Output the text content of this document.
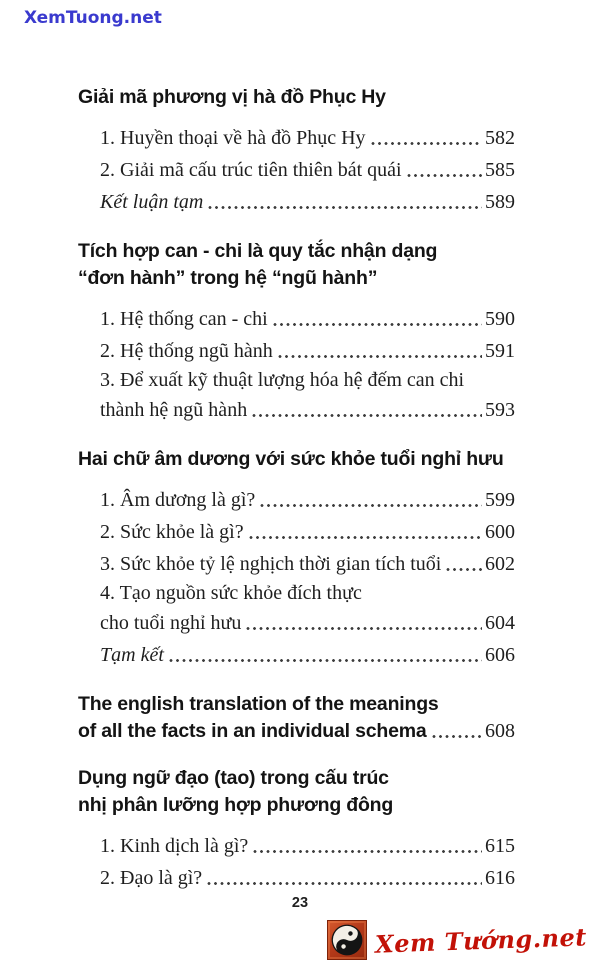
XemTuong.net
Giải mã phương vị hà đồ Phục Hy
1. Huyền thoại về hà đồ Phục Hy	582
2. Giải mã cấu trúc tiên thiên bát quái	585
Kết luận tạm	589
Tích hợp can - chi là quy tắc nhận dạng
“đơn hành” trong hệ “ngũ hành”
1. Hệ thống can - chi	590
2. Hệ thống ngũ hành	591
3. Để xuất kỹ thuật lượng hóa hệ đếm can chi
thành hệ ngũ hành	593
Hai chữ âm dương với sức khỏe tuổi nghỉ hưu
1. Âm dương là gì?	599
2. Sức khỏe là gì?	600
3. Sức khỏe tỷ lệ nghịch thời gian tích tuổi 602
4. Tạo nguồn sức khỏe đích thực
cho tuổi nghỉ hưu	604
Tạm kết	606
The english translation of the meanings
of all the facts in an individual schema	608
Dụng ngữ đạo (tao) trong cấu trúc
nhị phân lưỡng hợp phương đông
1. Kinh dịch là gì?	615
2. Đạo là gì?	616
23
Xem Tướng.net
